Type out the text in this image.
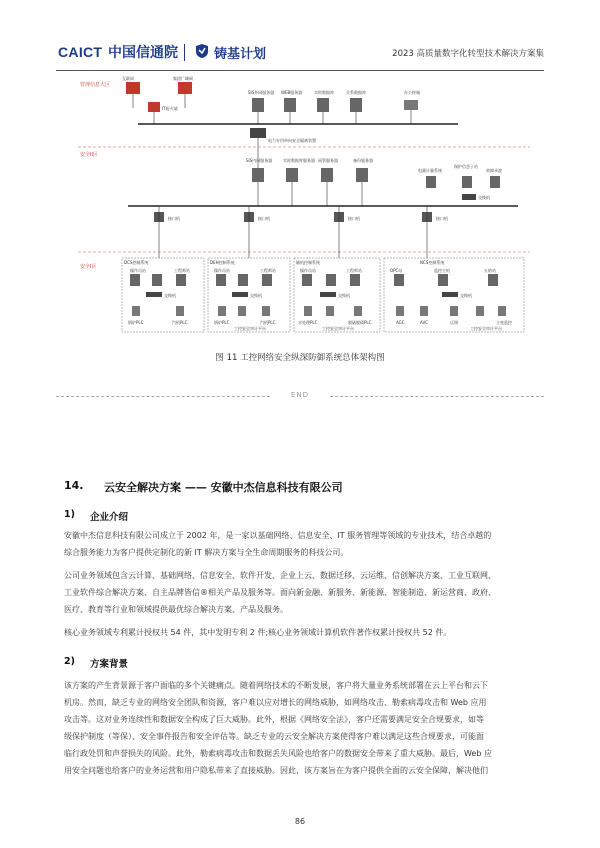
CAICT 中国信通院	铸基计划	2023 高质量数字化转型技术解决方案集
管理信息大区
安全II区
安全I区
互联网	集团广域网
IT防火墙
SIS外网服务器 WEB服务器	实时数据库	关系数据库	办公终端
电力专用单向安全隔离装置
SIS内网服务器	实时数据库服务器 网管服务器	备份服务器
电量计量系统
保护信息子站
故障录波
交换机
接口机	接口机	接口机	接口机
DCS控制系统	DEH控制系统	辅机控制系统	NCS控制系统
操作员站	工程师站	操作员站	工程师站	操作员站	工程师站	OPC站	监控主机	五防站
交换机	交换机	交换机	交换机
锅炉PLC	汽机PLC	锅炉PLC
工控安全审计平台
汽机PLC	水处理PLC
工控安全审计平台
脱硫脱硝PLC	AGC	AVC	远调
工控安全审计平台
主变监控
图 11 工控网络安全纵深防御系统总体架构图
END
14. 云安全解决方案 —— 安徽中杰信息科技有限公司
1) 企业介绍

安徽中杰信息科技有限公司成立于 2002 年，是一家以基础网络、信息安全、IT 服务管理等领域的专业技术，结合卓越的
综合服务能力为客户提供定制化的新 IT 解决方案与全生命周期服务的科技公司。

公司业务领域包含云计算、基础网络、信息安全、软件开发、企业上云、数据迁移、云运维、信创解决方案、工业互联网、
工业软件综合解决方案、自主品牌皆信®相关产品及服务等。面向新金融、新服务、新能源、智能制造、新运营商、政府、
医疗、教育等行业和领域提供最优综合解决方案、产品及服务。

核心业务领域专利累计授权共 54 件，其中发明专利 2 件;核心业务领域计算机软件著作权累计授权共 52 件。

2) 方案背景

该方案的产生背景源于客户面临的多个关键痛点。随着网络技术的不断发展，客户将大量业务系统部署在云上平台和云下
机房。然而，缺乏专业的网络安全团队和资源，客户难以应对增长的网络威胁，如网络攻击、勒索病毒攻击和 Web 应用
攻击等。这对业务连续性和数据安全构成了巨大威胁。此外，根据《网络安全法》，客户还需要满足安全合规要求，如等
级保护制度（等保）、安全事件报告和安全评估等。缺乏专业的云安全解决方案使得客户难以满足这些合规要求，可能面
临行政处罚和声誉损失的风险。此外，勒索病毒攻击和数据丢失风险也给客户的数据安全带来了重大威胁。最后，Web 应
用安全问题也给客户的业务运营和用户隐私带来了直接威胁。因此，该方案旨在为客户提供全面的云安全保障，解决他们

86
